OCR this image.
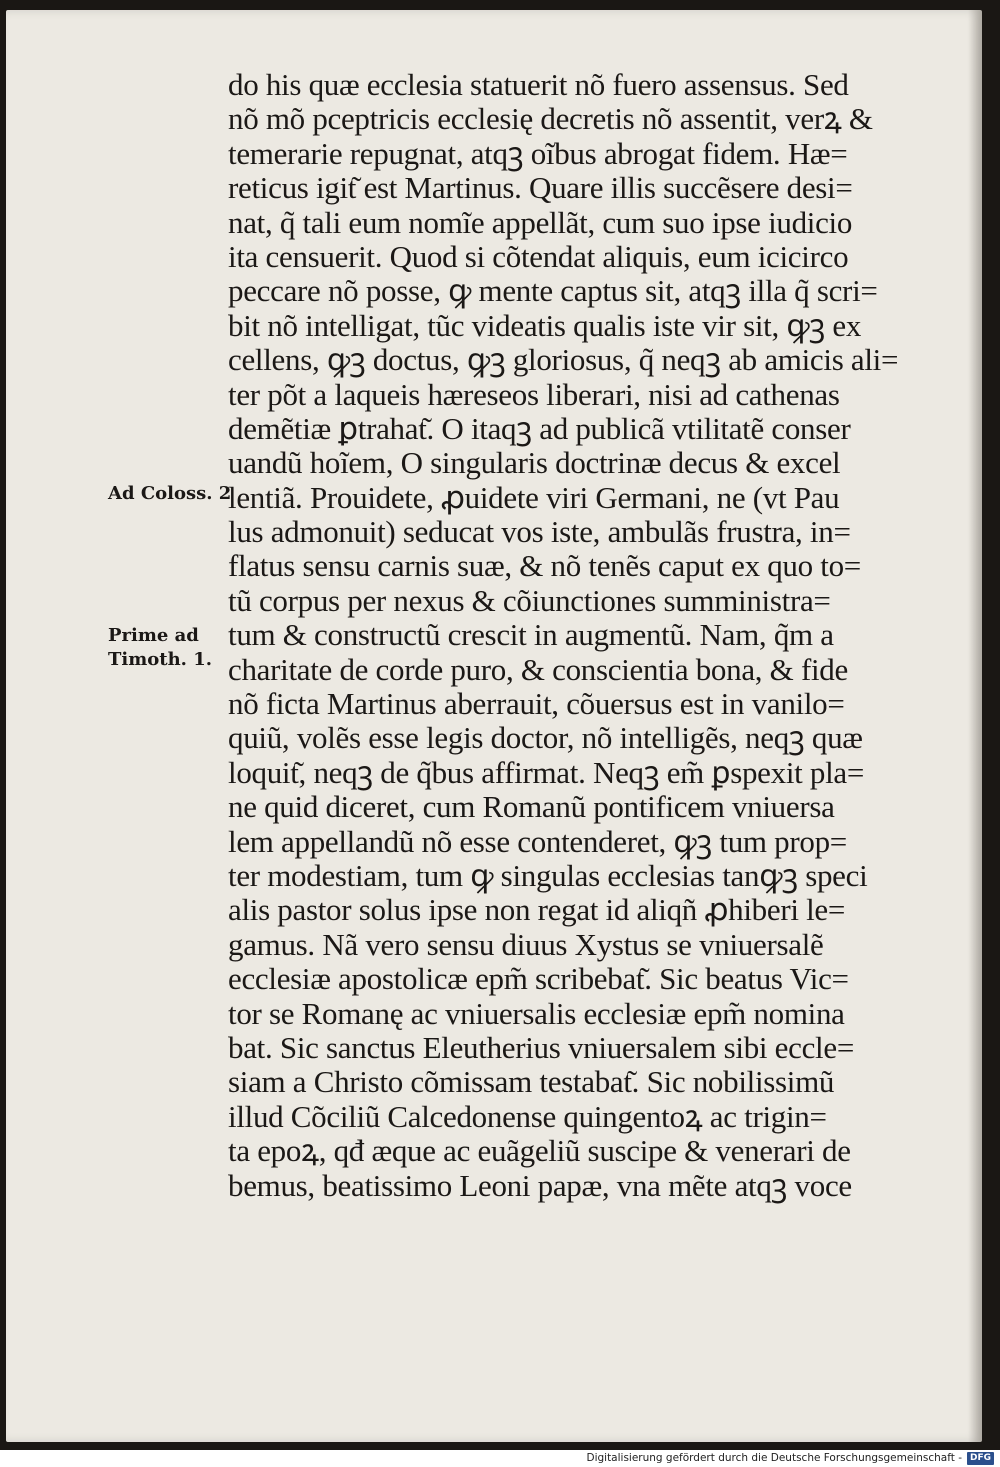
do his quæ ecclesia statuerit nõ fuero assensus. Sed
nõ mõ pceptricis ecclesię decretis nõ assentit, verꝝ &
temerarie repugnat, atqꝫ oĩbus abrogat fidem. Hæ=
reticus igit͂ est Martinus. Quare illis succẽsere desi=
nat, q̃ tali eum nomĩe appellãt, cum suo ipse iudicio
ita censuerit. Quod si cõtendat aliquis, eum icicirco
peccare nõ posse, ꝙ mente captus sit, atqꝫ illa q̃ scri=
bit nõ intelligat, tũc videatis qualis iste vir sit, ꝙꝫ ex
cellens, ꝙꝫ doctus, ꝙꝫ gloriosus, q̃ neqꝫ ab amicis ali=
ter põt a laqueis hæreseos liberari, nisi ad cathenas
demẽtiæ ꝑtrahat͂. O itaqꝫ ad publicã vtilitatẽ conser
uandũ hoĩem, O singularis doctrinæ decus & excel
lentiã. Prouidete, ꝓuidete viri Germani, ne (vt Pau
lus admonuit) seducat vos iste, ambulãs frustra, in=
flatus sensu carnis suæ, & nõ tenẽs caput ex quo to=
tũ corpus per nexus & cõiunctiones sumministra=
tum & constructũ crescit in augmentũ. Nam, q̃m a
charitate de corde puro, & conscientia bona, & fide
nõ ficta Martinus aberrauit, cõuersus est in vanilo=
quiũ, volẽs esse legis doctor, nõ intelligẽs, neqꝫ quæ
loquit͂, neqꝫ de q̃bus affirmat. Neqꝫ em̃ ꝑspexit pla=
ne quid diceret, cum Romanũ pontificem vniuersa
lem appellandũ nõ esse contenderet, ꝙꝫ tum prop=
ter modestiam, tum ꝙ singulas ecclesias tanꝙꝫ speci
alis pastor solus ipse non regat id aliqñ ꝓhiberi le=
gamus. Nã vero sensu diuus Xystus se vniuersalẽ
ecclesiæ apostolicæ epm̃ scribebat͂. Sic beatus Vic=
tor se Romanę ac vniuersalis ecclesiæ epm̃ nomina
bat. Sic sanctus Eleutherius vniuersalem sibi eccle=
siam a Christo cõmissam testabat͂. Sic nobilissimũ
illud Cõciliũ Calcedonense quingentoꝝ ac trigin=
ta epoꝝ, qđ æque ac euãgeliũ suscipe & venerari de
bemus, beatissimo Leoni papæ, vna mẽte atqꝫ voce
Ad Coloss. 2
Prime ad
Timoth. 1.
Digitalisierung gefördert durch die Deutsche Forschungsgemeinschaft - DFG
